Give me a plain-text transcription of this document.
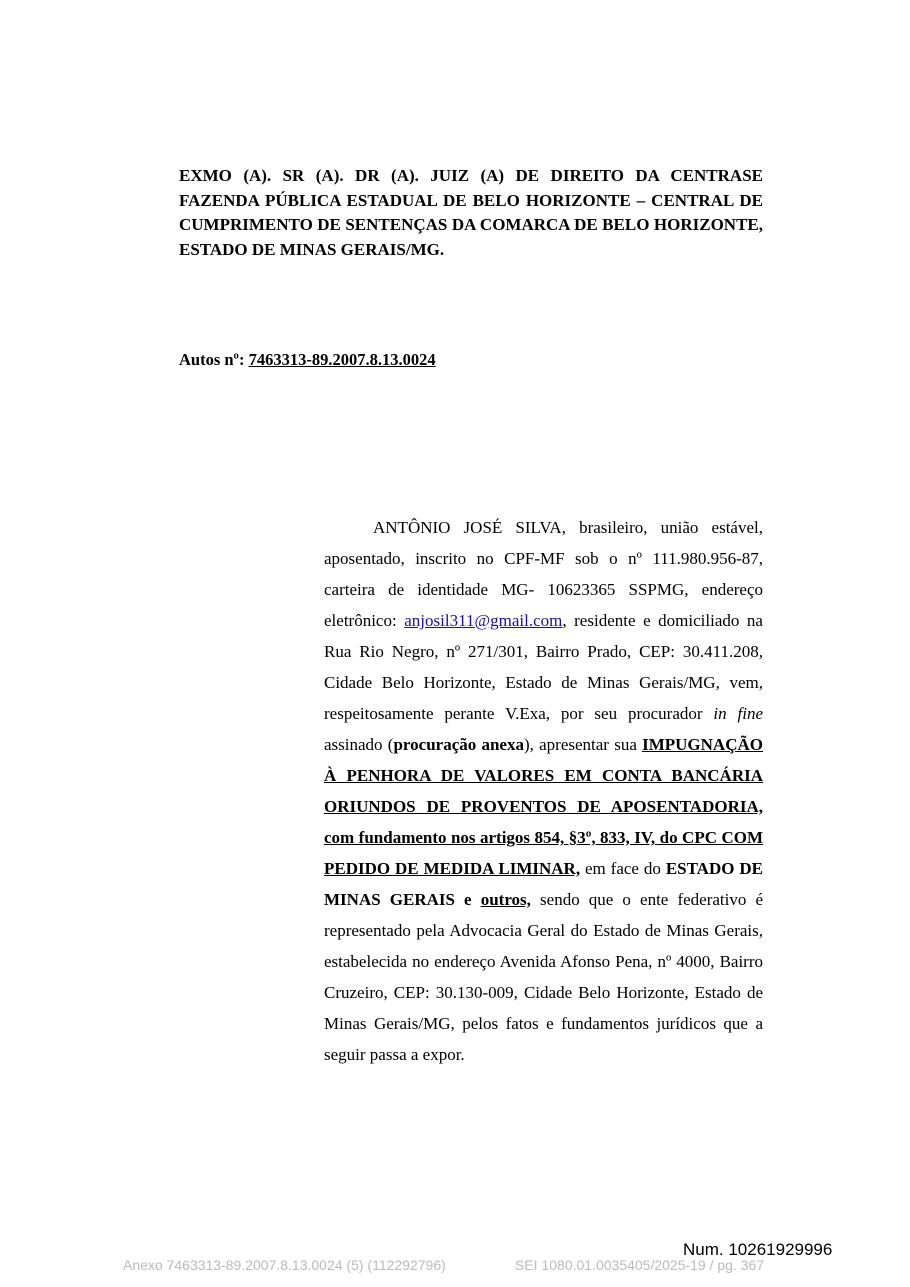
EXMO (A). SR (A). DR (A). JUIZ (A) DE DIREITO DA CENTRASE FAZENDA PÚBLICA ESTADUAL DE BELO HORIZONTE – CENTRAL DE CUMPRIMENTO DE SENTENÇAS DA COMARCA DE BELO HORIZONTE, ESTADO DE MINAS GERAIS/MG.
Autos nº: 7463313-89.2007.8.13.0024
ANTÔNIO JOSÉ SILVA, brasileiro, união estável, aposentado, inscrito no CPF-MF sob o nº 111.980.956-87, carteira de identidade MG- 10623365 SSPMG, endereço eletrônico: anjosil311@gmail.com, residente e domiciliado na Rua Rio Negro, nº 271/301, Bairro Prado, CEP: 30.411.208, Cidade Belo Horizonte, Estado de Minas Gerais/MG, vem, respeitosamente perante V.Exa, por seu procurador in fine assinado (procuração anexa), apresentar sua IMPUGNAÇÃO À PENHORA DE VALORES EM CONTA BANCÁRIA ORIUNDOS DE PROVENTOS DE APOSENTADORIA, com fundamento nos artigos 854, §3º, 833, IV, do CPC COM PEDIDO DE MEDIDA LIMINAR, em face do ESTADO DE MINAS GERAIS e outros, sendo que o ente federativo é representado pela Advocacia Geral do Estado de Minas Gerais, estabelecida no endereço Avenida Afonso Pena, nº 4000, Bairro Cruzeiro, CEP: 30.130-009, Cidade Belo Horizonte, Estado de Minas Gerais/MG, pelos fatos e fundamentos jurídicos que a seguir passa a expor.
Num. 10261929996
Anexo 7463313-89.2007.8.13.0024 (5) (112292796)	SEI 1080.01.0035405/2025-19 / pg. 367
